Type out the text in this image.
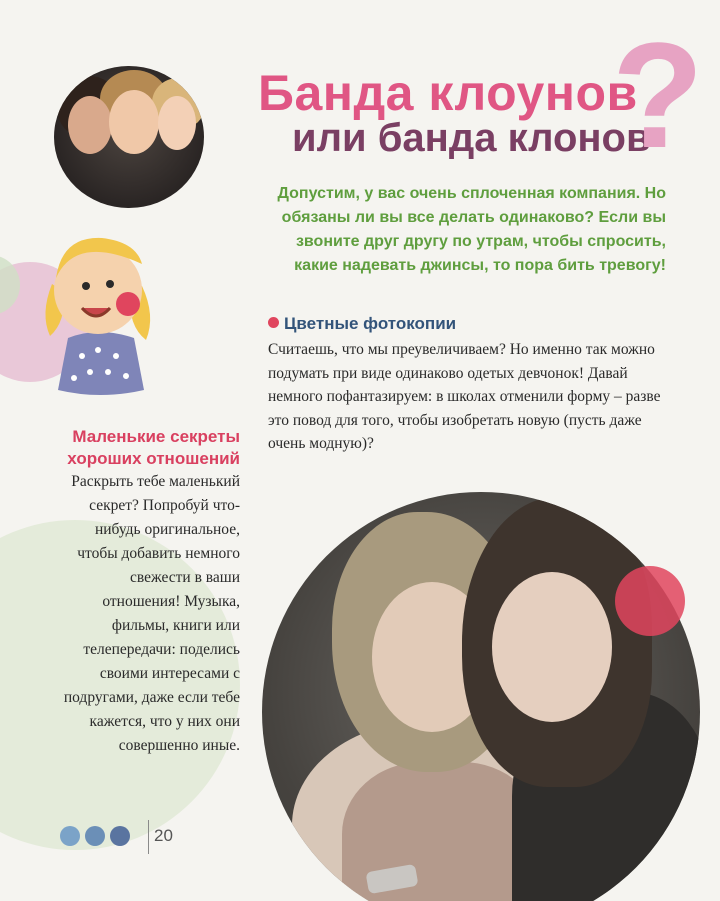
Банда клоунов
или банда клонов
?

Допустим, у вас очень сплоченная компания. Но обязаны ли вы все делать одинаково? Если вы звоните друг другу по утрам, чтобы спросить, какие надевать джинсы, то пора бить тревогу!

Цветные фотокопии

Считаешь, что мы преувеличиваем? Но именно так можно подумать при виде одинаково одетых девчонок! Давай немного пофантазируем: в школах отменили форму – разве это повод для того, чтобы изобретать новую (пусть даже очень модную)?

Маленькие секреты хороших отношений

Раскрыть тебе маленький секрет? Попробуй что-нибудь оригинальное, чтобы добавить немного свежести в ваши отношения! Музыка, фильмы, книги или телепередачи: поделись своими интересами с подругами, даже если тебе кажется, что у них они совершенно иные.

20
